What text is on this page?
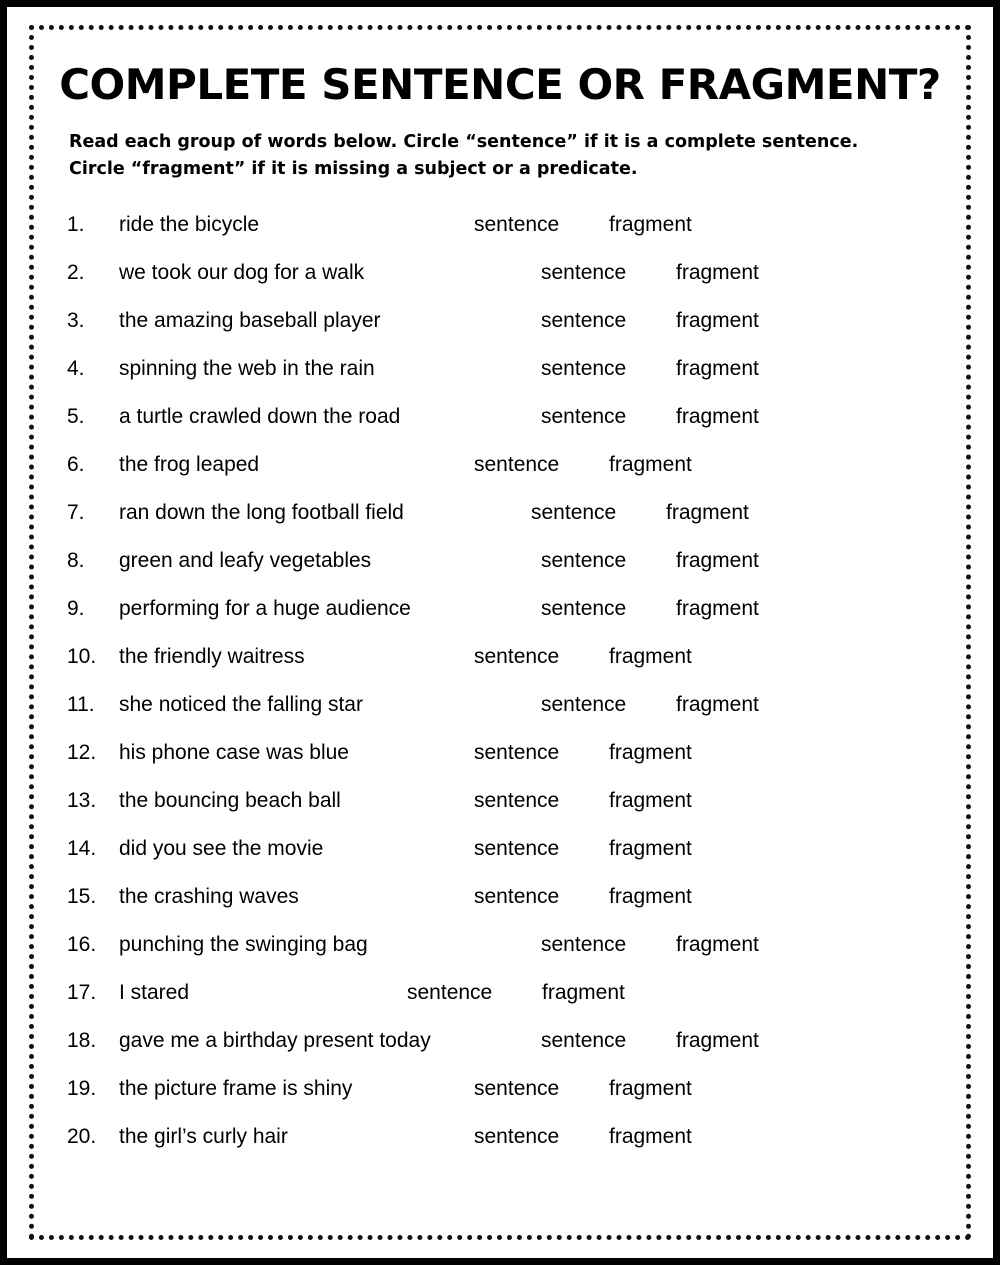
COMPLETE SENTENCE OR FRAGMENT?

Read each group of words below. Circle “sentence” if it is a complete sentence. Circle “fragment” if it is missing a subject or a predicate.

1.	ride the bicycle	sentence fragment
2.	we took our dog for a walk	sentence fragment
3.	the amazing baseball player	sentence fragment
4.	spinning the web in the rain	sentence fragment
5.	a turtle crawled down the road	sentence fragment
6.	the frog leaped	sentence fragment
7.	ran down the long football field	sentence fragment
8.	green and leafy vegetables	sentence fragment
9.	performing for a huge audience	sentence fragment
10.	the friendly waitress	sentence fragment
11.	she noticed the falling star	sentence fragment
12.	his phone case was blue	sentence fragment
13.	the bouncing beach ball	sentence fragment
14.	did you see the movie	sentence fragment
15.	the crashing waves	sentence fragment
16.	punching the swinging bag	sentence fragment
17.	I stared	sentence fragment
18.	gave me a birthday present today	sentence fragment
19.	the picture frame is shiny	sentence fragment
20.	the girl’s curly hair	sentence fragment
